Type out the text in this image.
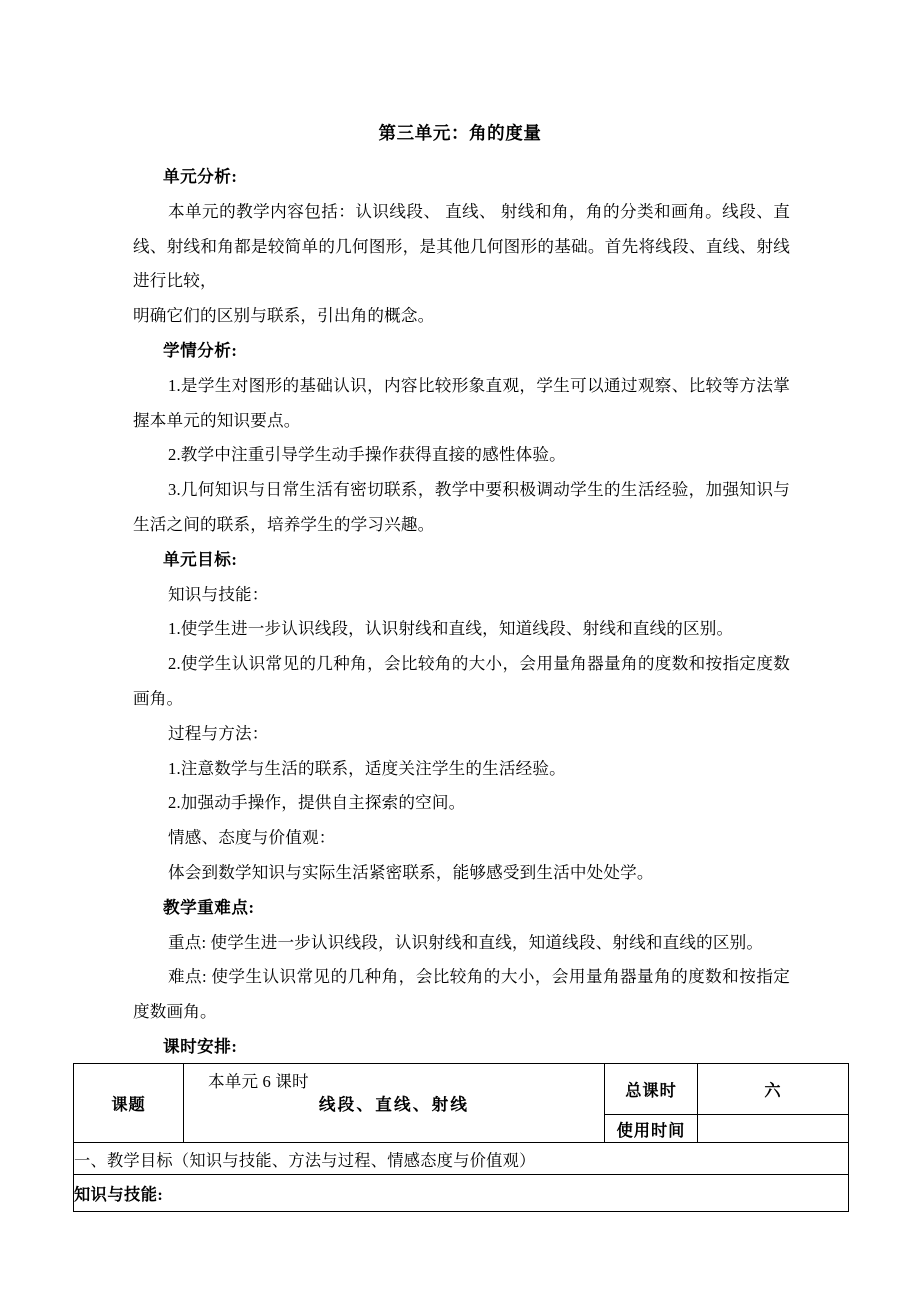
第三单元：角的度量

单元分析:

本单元的教学内容包括：认识线段、 直线、 射线和角，角的分类和画角。线段、直线、射线和角都是较简单的几何图形，是其他几何图形的基础。首先将线段、直线、射线进行比较，

明确它们的区别与联系，引出角的概念。

学情分析:

1.是学生对图形的基础认识，内容比较形象直观，学生可以通过观察、比较等方法掌握本单元的知识要点。

2.教学中注重引导学生动手操作获得直接的感性体验。

3.几何知识与日常生活有密切联系，教学中要积极调动学生的生活经验，加强知识与生活之间的联系，培养学生的学习兴趣。

单元目标:

知识与技能：

1.使学生进一步认识线段，认识射线和直线，知道线段、射线和直线的区别。

2.使学生认识常见的几种角，会比较角的大小，会用量角器量角的度数和按指定度数画角。

过程与方法：

1.注意数学与生活的联系，适度关注学生的生活经验。

2.加强动手操作，提供自主探索的空间。

情感、态度与价值观：

体会到数学知识与实际生活紧密联系，能够感受到生活中处处学。

教学重难点:

重点: 使学生进一步认识线段，认识射线和直线，知道线段、射线和直线的区别。

难点: 使学生认识常见的几种角，会比较角的大小，会用量角器量角的度数和按指定度数画角。

课时安排:

本单元 6 课时

课题	线段、直线、射线	总课时	六
		使用时间	
一、教学目标（知识与技能、方法与过程、情感态度与价值观）			
知识与技能:			
